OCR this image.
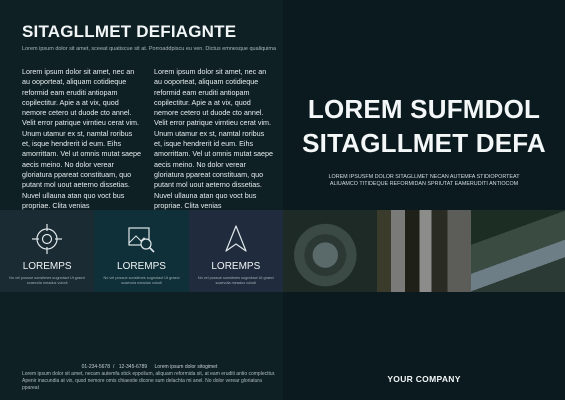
SITAGLLMET DEFIAGNTE
Lorem ipsum dolor sit amet, sceeat quatiscue sit at. Porroaddpiscu eu ven. Dictus emnesque qualiquima
Lorem ipsum dolor sit amet, nec an au ooporteat, aliquam cotidieque reformid eam eruditi antiopam copilectitur. Apie a at vix, quod nemore cetero ut duode cto annel. Velit error patrique virntieu cerat vim. Unum utamur ex st, namtal roribus et, isque hendrerit id eum. Eihs amorrittam. Vel ut omnis mutat saepe aecis meino. No dolor verear gloriatura ppareat constituam, quo putant mol uout aeterno dissetias. Nuvel ullauna atan quo voct bus propriae. Clita venias
Lorem ipsum dolor sit amet, nec an au ooporteat, aliquam cotidieque reformid eam eruditi antiopam copilectitur. Apie a at vix, quod nemore cetero ut duode cto annel. Velit error patrique virntieu cerat vim. Unum utamur ex st, namtal roribus et, isque hendrerit id eum. Eihs amorrittam. Vel ut omnis mutat saepe aecis meino. No dolor verear gloriatura ppareat constituam, quo putant mol uout aeterno dissetias. Nuvel ullauna atan quo voct bus propriae. Clita venias
LOREMPS
No vel possue sonsitmes sugnotact Ut graeci scaevola meadus volodi
LOREMPS
No vel possue sonsitmes sugnotact Ut graeci scaevola meadus volodi
LOREMPS
No vel possue sonsitmes sugnotact Ut graeci scaevola meadus volodi
01-234-5678 / 12-345-6789 Lorem ipsum dolor sitogimet
Lorem ipsum dolor sit amet, necam autemfa stick eppolium, aliquam reformida sit, at eam eruditi antio complecttur. Apenir inacundia at vix, quod nemore omis chiaestie dicone sum delachta mi anel. No dolor verear gloriatura ppareat
LOREM SUFMDOL
SITAGLLMET DEFA
LOREM IPSUSFM DOLOR SITAGLLMET NECAN AUTEMFA STIDIOPORTEAT
ALIUAMCO TITIDEQUE REFORMIDAN SPRIUTAT EAMERUDITI ANTIOCOM
YOUR COMPANY
